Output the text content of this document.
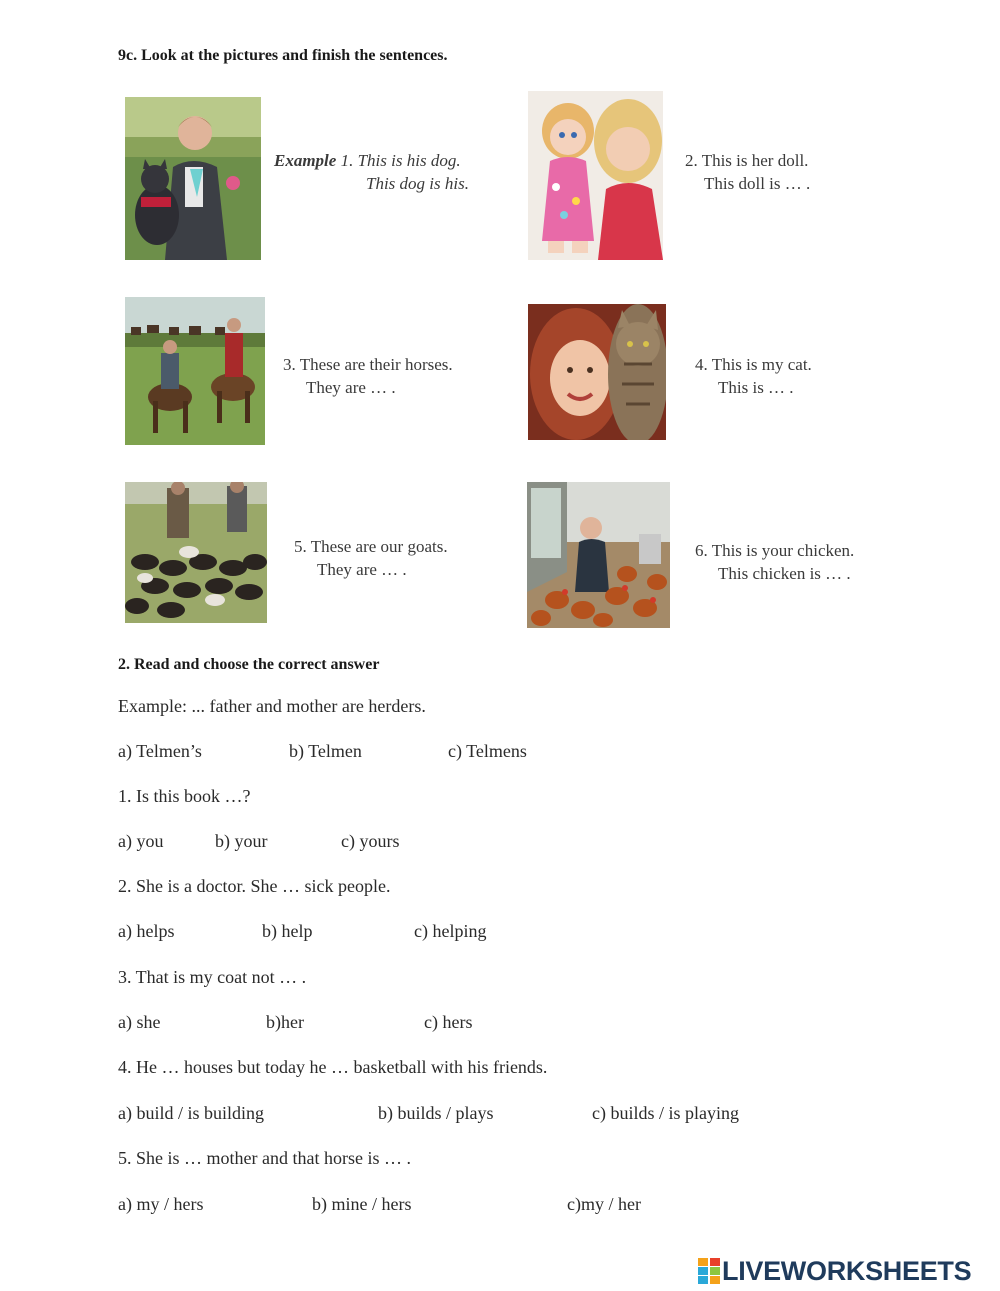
9c. Look at the pictures and finish the sentences.
Example 1. This is his dog.
This dog is his.
2. This is her doll.
This doll is … .
3. These are their horses.
They are … .
4. This is my cat.
This is … .
5. These are our goats.
They are … .
6. This is your chicken.
This chicken is … .
2. Read and choose the correct answer
Example: ... father and mother are herders.
a) Telmen’s	b) Telmen	c) Telmens
1. Is this book …?
a) you	b) your	c) yours
2. She is a doctor. She … sick people.
a) helps	b) help	c) helping
3. That is my coat not … .
a) she	b)her	c) hers
4. He … houses but today he … basketball with his friends.
a) build / is building	b) builds / plays	c) builds / is playing
5. She is … mother and that horse is … .
a) my / hers	b) mine / hers	c)my / her
LIVEWORKSHEETS
